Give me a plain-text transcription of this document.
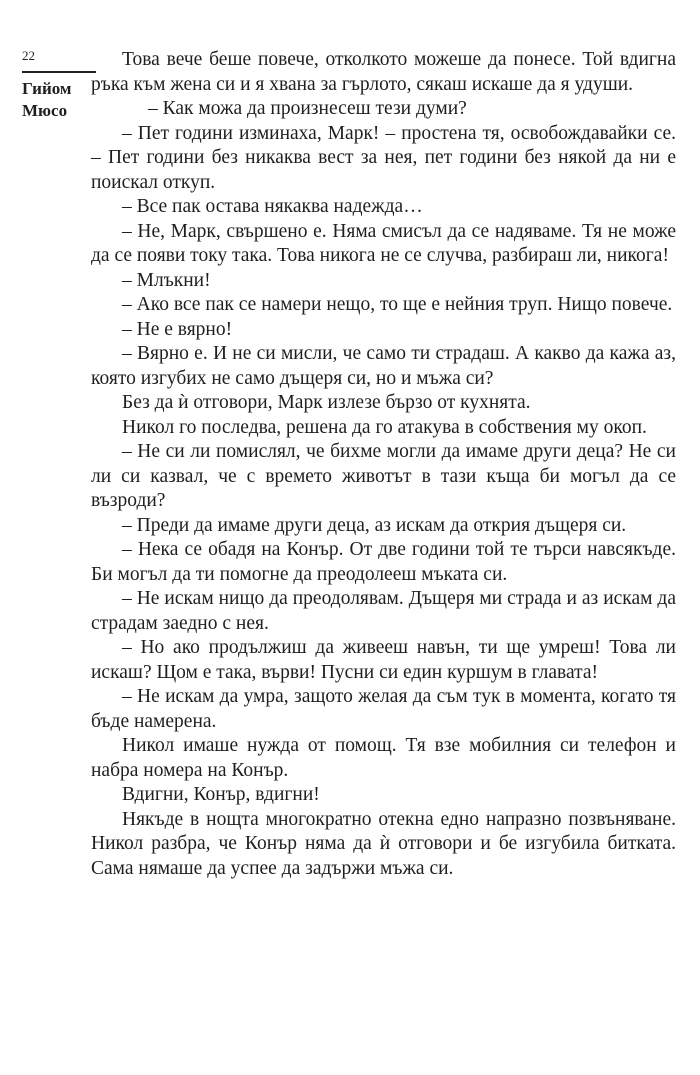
22
Гийом
Мюсо

Това вече беше повече, отколкото можеше да понесе. Той вдигна ръка към жена си и я хвана за гърлото, сякаш искаше да я удуши.

– Как можа да произнесеш тези думи?

– Пет години изминаха, Марк! – простена тя, освобождавайки се. – Пет години без никаква вест за нея, пет години без някой да ни е поискал откуп.

– Все пак остава някаква надежда…

– Не, Марк, свършено е. Няма смисъл да се надяваме. Тя не може да се появи току така. Това никога не се случва, разбираш ли, никога!

– Млъкни!

– Ако все пак се намери нещо, то ще е нейния труп. Нищо повече.

– Не е вярно!

– Вярно е. И не си мисли, че само ти страдаш. А какво да кажа аз, която изгубих не само дъщеря си, но и мъжа си?

Без да ѝ отговори, Марк излезе бързо от кухнята.

Никол го последва, решена да го атакува в собствения му окоп.

– Не си ли помислял, че бихме могли да имаме други деца? Не си ли си казвал, че с времето животът в тази къща би могъл да се възроди?

– Преди да имаме други деца, аз искам да открия дъщеря си.

– Нека се обадя на Конър. От две години той те търси навсякъде. Би могъл да ти помогне да преодолееш мъката си.

– Не искам нищо да преодолявам. Дъщеря ми страда и аз искам да страдам заедно с нея.

– Но ако продължиш да живееш навън, ти ще умреш! Това ли искаш? Щом е така, върви! Пусни си един куршум в главата!

– Не искам да умра, защото желая да съм тук в момента, когато тя бъде намерена.

Никол имаше нужда от помощ. Тя взе мобилния си телефон и набра номера на Конър.

Вдигни, Конър, вдигни!

Някъде в нощта многократно отекна едно напразно позвъняване. Никол разбра, че Конър няма да ѝ отговори и бе изгубила битката. Сама нямаше да успее да задържи мъжа си.
